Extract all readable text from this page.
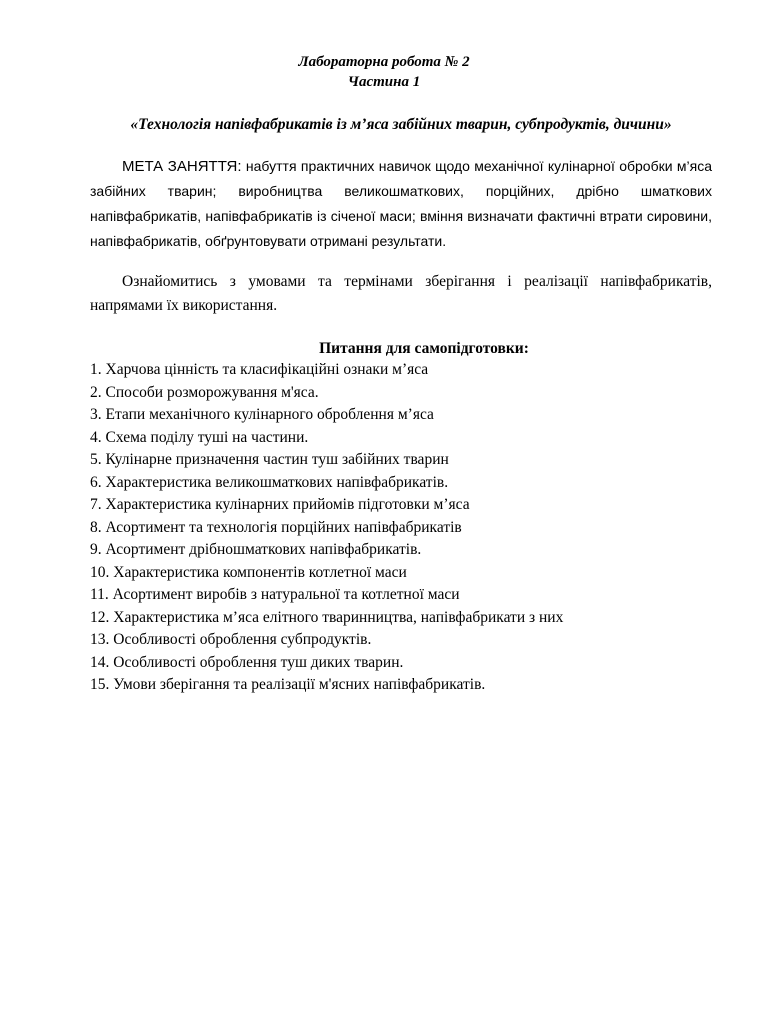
Лабораторна робота № 2
Частина 1
«Технологія напівфабрикатів із м’яса забійних тварин, субпродуктів, дичини»
МЕТА ЗАНЯТТЯ: набуття практичних навичок щодо механічної кулінарної обробки м’яса забійних тварин; виробництва великошматкових, порційних, дрібно шматкових напівфабрикатів, напівфабрикатів із січеної маси; вміння визначати фактичні втрати сировини, напівфабрикатів, обґрунтовувати отримані результати.
Ознайомитись з умовами та термінами зберігання і реалізації напівфабрикатів, напрямами їх використання.
Питання для самопідготовки:
1. Харчова цінність та класифікаційні ознаки м’яса
2. Способи розморожування м'яса.
3. Етапи механічного кулінарного оброблення м’яса
4. Схема поділу туші на частини.
5. Кулінарне призначення частин туш забійних тварин
6. Характеристика великошматкових напівфабрикатів.
7. Характеристика кулінарних прийомів підготовки м’яса
8. Асортимент та технологія порційних напівфабрикатів
9. Асортимент дрібношматкових напівфабрикатів.
10. Характеристика компонентів котлетної маси
11. Асортимент виробів з натуральної та котлетної маси
12. Характеристика м’яса елітного тваринництва, напівфабрикати з них
13. Особливості оброблення субпродуктів.
14. Особливості оброблення туш диких тварин.
15. Умови зберігання та реалізації м'ясних напівфабрикатів.
